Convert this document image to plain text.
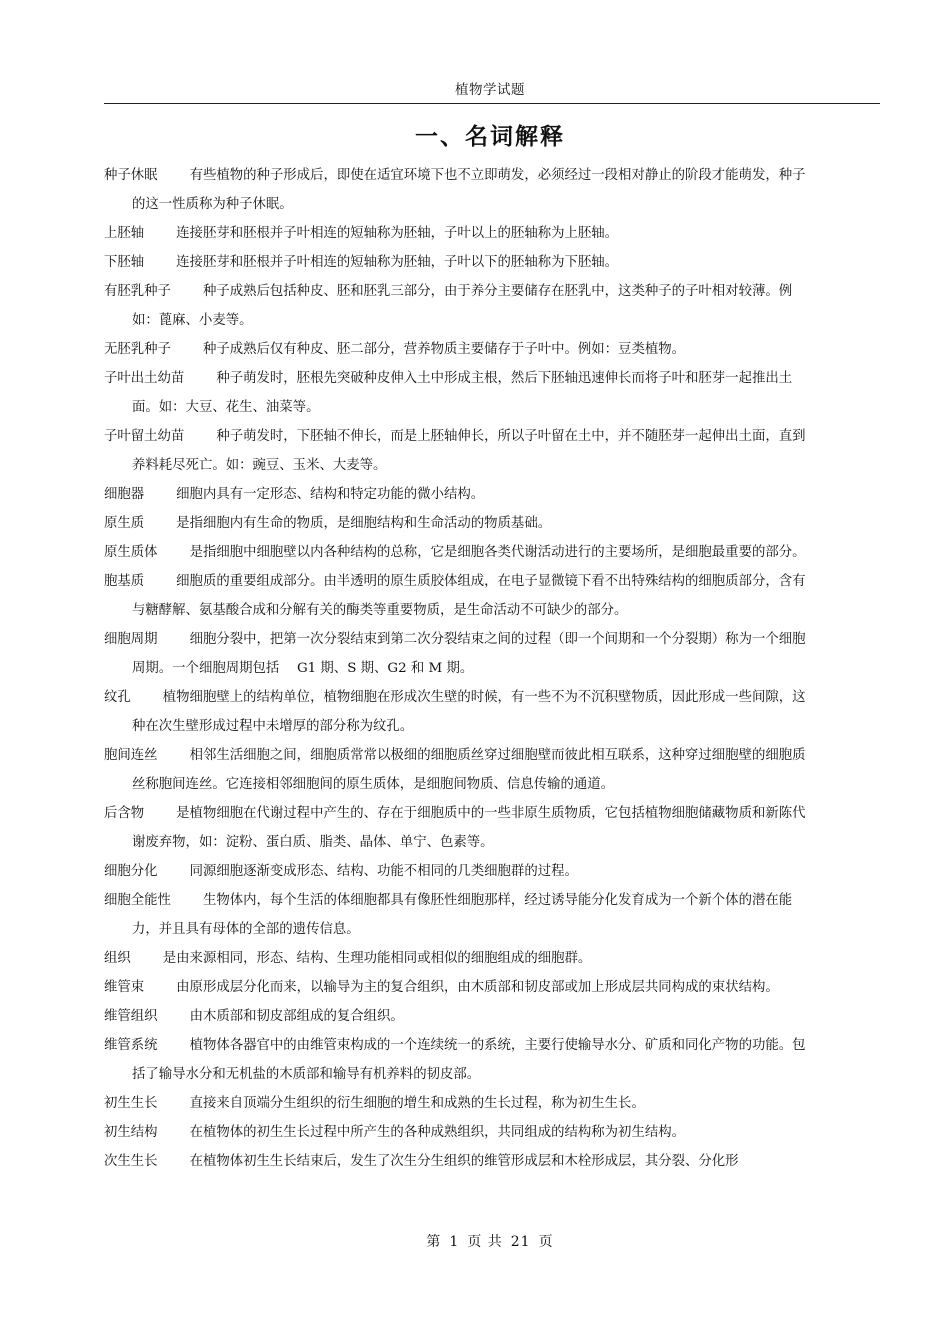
植物学试题
一、名词解释

种子休眠 有些植物的种子形成后，即使在适宜环境下也不立即萌发，必须经过一段相对静止的阶段才能萌发，种子的这一性质称为种子休眠。

上胚轴 连接胚芽和胚根并子叶相连的短轴称为胚轴，子叶以上的胚轴称为上胚轴。

下胚轴 连接胚芽和胚根并子叶相连的短轴称为胚轴，子叶以下的胚轴称为下胚轴。

有胚乳种子 种子成熟后包括种皮、胚和胚乳三部分，由于养分主要储存在胚乳中，这类种子的子叶相对较薄。例如：蓖麻、小麦等。

无胚乳种子 种子成熟后仅有种皮、胚二部分，营养物质主要储存于子叶中。例如：豆类植物。

子叶出土幼苗 种子萌发时，胚根先突破种皮伸入土中形成主根，然后下胚轴迅速伸长而将子叶和胚芽一起推出土面。如：大豆、花生、油菜等。

子叶留土幼苗 种子萌发时，下胚轴不伸长，而是上胚轴伸长，所以子叶留在土中，并不随胚芽一起伸出土面，直到养料耗尽死亡。如：豌豆、玉米、大麦等。

细胞器 细胞内具有一定形态、结构和特定功能的微小结构。

原生质 是指细胞内有生命的物质，是细胞结构和生命活动的物质基础。

原生质体 是指细胞中细胞壁以内各种结构的总称，它是细胞各类代谢活动进行的主要场所，是细胞最重要的部分。

胞基质 细胞质的重要组成部分。由半透明的原生质胶体组成，在电子显微镜下看不出特殊结构的细胞质部分，含有与糖酵解、氨基酸合成和分解有关的酶类等重要物质，是生命活动不可缺少的部分。

细胞周期 细胞分裂中，把第一次分裂结束到第二次分裂结束之间的过程（即一个间期和一个分裂期）称为一个细胞周期。一个细胞周期包括　 G1 期、S 期、G2 和 M 期。

纹孔 植物细胞壁上的结构单位，植物细胞在形成次生壁的时候，有一些不为不沉积壁物质，因此形成一些间隙，这种在次生壁形成过程中未增厚的部分称为纹孔。

胞间连丝 相邻生活细胞之间，细胞质常常以极细的细胞质丝穿过细胞壁而彼此相互联系，这种穿过细胞壁的细胞质丝称胞间连丝。它连接相邻细胞间的原生质体，是细胞间物质、信息传输的通道。

后含物 是植物细胞在代谢过程中产生的、存在于细胞质中的一些非原生质物质，它包括植物细胞储藏物质和新陈代谢废弃物，如：淀粉、蛋白质、脂类、晶体、单宁、色素等。

细胞分化 同源细胞逐渐变成形态、结构、功能不相同的几类细胞群的过程。

细胞全能性 生物体内，每个生活的体细胞都具有像胚性细胞那样，经过诱导能分化发育成为一个新个体的潜在能力，并且具有母体的全部的遗传信息。

组织 是由来源相同，形态、结构、生理功能相同或相似的细胞组成的细胞群。

维管束 由原形成层分化而来，以输导为主的复合组织，由木质部和韧皮部或加上形成层共同构成的束状结构。

维管组织 由木质部和韧皮部组成的复合组织。

维管系统 植物体各器官中的由维管束构成的一个连续统一的系统，主要行使输导水分、矿质和同化产物的功能。包括了输导水分和无机盐的木质部和输导有机养料的韧皮部。

初生生长 直接来自顶端分生组织的衍生细胞的增生和成熟的生长过程，称为初生生长。

初生结构 在植物体的初生生长过程中所产生的各种成熟组织，共同组成的结构称为初生结构。

次生生长 在植物体初生生长结束后，发生了次生分生组织的维管形成层和木栓形成层，其分裂、分化形

第 1 页 共 21 页
